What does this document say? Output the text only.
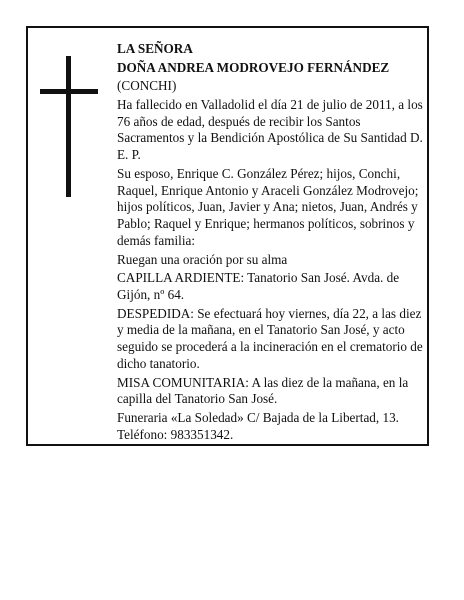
LA SEÑORA

DOÑA ANDREA MODROVEJO FERNÁNDEZ

(CONCHI)

Ha fallecido en Valladolid el día 21 de julio de 2011, a los 76 años de edad, después de recibir los Santos Sacramentos y la Bendición Apostólica de Su Santidad D. E. P.

Su esposo, Enrique C. González Pérez; hijos, Conchi, Raquel, Enrique Antonio y Araceli González Modrovejo; hijos políticos, Juan, Javier y Ana; nietos, Juan, Andrés y Pablo; Raquel y Enrique; hermanos políticos, sobrinos y demás familia:

Ruegan una oración por su alma

CAPILLA ARDIENTE: Tanatorio San José. Avda. de Gijón, nº 64.

DESPEDIDA: Se efectuará hoy viernes, día 22, a las diez y media de la mañana, en el Tanatorio San José, y acto seguido se procederá a la incineración en el crematorio de dicho tanatorio.

MISA COMUNITARIA: A las diez de la mañana, en la capilla del Tanatorio San José.

Funeraria «La Soledad» C/ Bajada de la Libertad, 13. Teléfono: 983351342.
